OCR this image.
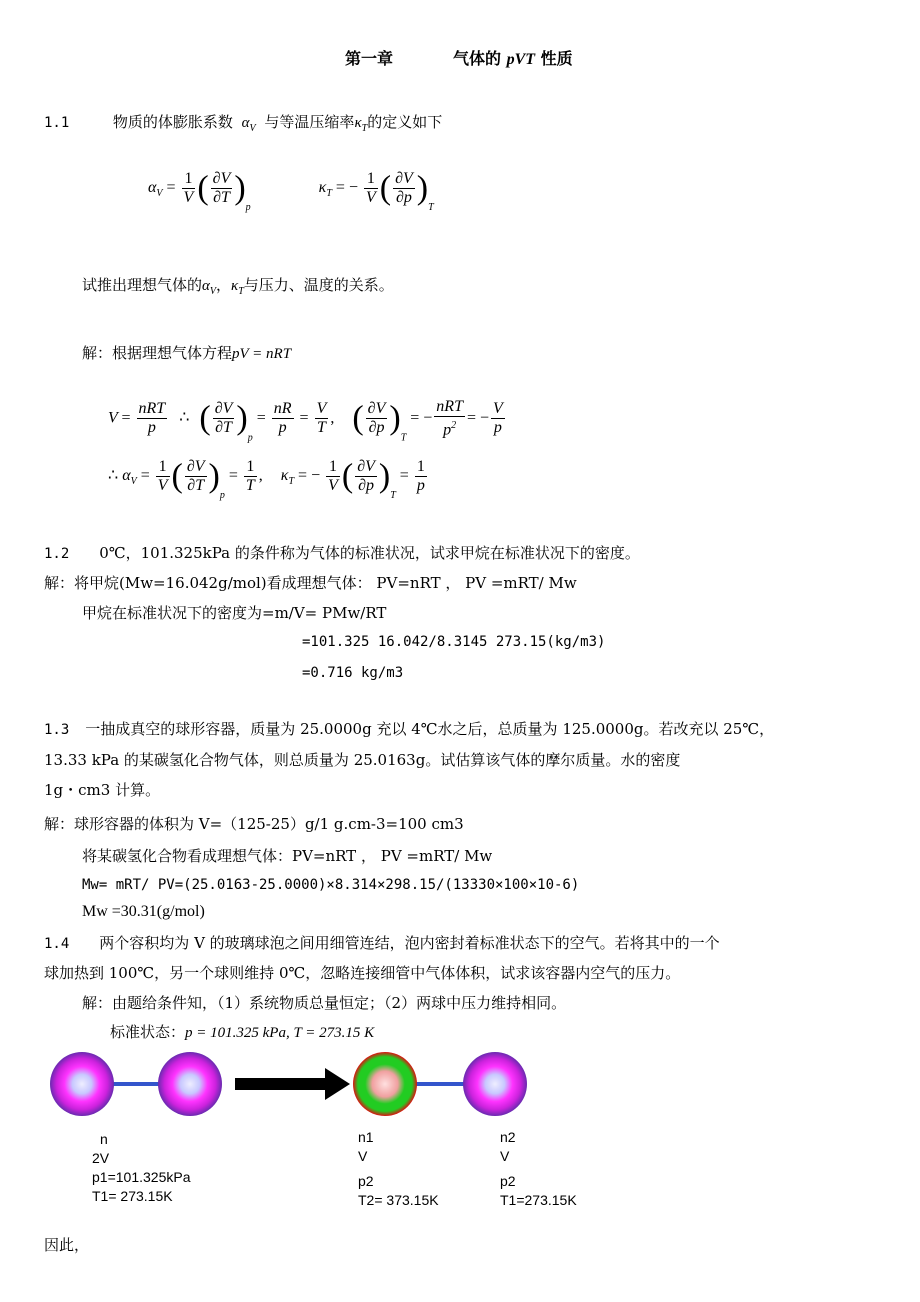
第一章	气体的 pVT 性质
1.1	物质的体膨胀系数 $\alpha_V$ 与等温压缩率$\kappa_T$的定义如下
$\alpha_V = \frac{1}{V}$ ( $\frac{\partial V}{\partial T} )_p$  $\kappa_T$ = − $\frac{1}{V}$ ( $\frac{\partial V}{\partial p} )_T$
试推出理想气体的$\alpha_V$，$\kappa_T$与压力、温度的关系。
解：根据理想气体方程pV = nRT
$V = \frac{\text{nRT}}{p}$ ∴ ( $\frac{\partial V}{\partial T} )_p = \frac{nR}{p} = \frac{V}{T}$ , ( $\frac{\partial V}{\partial p} )_T$ = − $\frac{\text{nRT}}{p^2}$ = − $\frac{V}{p}$
∴ $\alpha_V = \frac{1}{V}$ ( $\frac{\partial V}{\partial T} )_p = \frac{1}{T}$ ,  $\kappa_T$ = − $\frac{1}{V}$ ( $\frac{\partial V}{\partial p} )_T = \frac{1}{p}$
1.2 0℃，101.325kPa 的条件称为气体的标准状况，试求甲烷在标准状况下的密度。
解：将甲烷(Mw=16.042g/mol)看成理想气体： PV=nRT ， PV =mRT/ Mw
甲烷在标准状况下的密度为=m/V= PMw/RT
=101.325 16.042/8.3145 273.15(kg/m3)
=0.716 kg/m3
1.3 一抽成真空的球形容器，质量为 25.0000g 充以 4℃水之后，总质量为 125.0000g。若改充以 25℃，
13.33 kPa 的某碳氢化合物气体，则总质量为 25.0163g。试估算该气体的摩尔质量。水的密度
1g・cm3 计算。
解：球形容器的体积为 V=（125-25）g/1 g.cm-3=100 cm3
将某碳氢化合物看成理想气体：PV=nRT ， PV =mRT/ Mw
Mw= mRT/ PV=(25.0163-25.0000)×8.314×298.15/(13330×100×10-6)
Mw =30.31(g/mol)
1.4 两个容积均为 V 的玻璃球泡之间用细管连结，泡内密封着标准状态下的空气。若将其中的一个
球加热到 100℃，另一个球则维持 0℃，忽略连接细管中气体体积，试求该容器内空气的压力。
解：由题给条件知，（1）系统物质总量恒定；（2）两球中压力维持相同。
标准状态：p = 101.325 kPa, T = 273.15 K
n
2V
p1=101.325kPa
T1= 273.15K
n1
V
p2
T2= 373.15K
n2
V
p2
T1=273.15K
因此，
